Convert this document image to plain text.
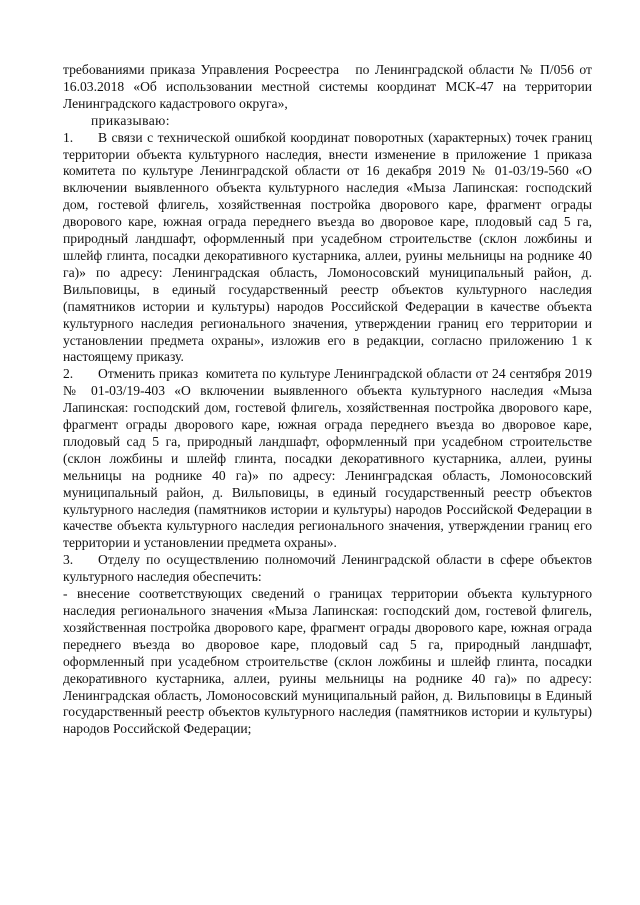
требованиями приказа Управления Росреестра   по Ленинградской области № П/056 от 16.03.2018 «Об использовании местной системы координат МСК-47 на территории Ленинградского кадастрового округа»,

приказываю:

1. В связи с технической ошибкой координат поворотных (характерных) точек границ территории объекта культурного наследия, внести изменение в приложение 1 приказа комитета по культуре Ленинградской области от 16 декабря 2019 № 01-03/19-560 «О включении выявленного объекта культурного наследия «Мыза Лапинская: господский дом, гостевой флигель, хозяйственная постройка дворового каре, фрагмент ограды дворового каре, южная ограда переднего въезда во дворовое каре, плодовый сад 5 га, природный ландшафт, оформленный при усадебном строительстве (склон ложбины и шлейф глинта, посадки декоративного кустарника, аллеи, руины мельницы на роднике 40 га)» по адресу: Ленинградская область, Ломоносовский муниципальный район, д. Вильповицы, в единый государственный реестр объектов культурного наследия (памятников истории и культуры) народов Российской Федерации в качестве объекта культурного наследия регионального значения, утверждении границ его территории и установлении предмета охраны», изложив его в редакции, согласно приложению 1 к настоящему приказу.

2. Отменить приказ  комитета по культуре Ленинградской области от 24 сентября 2019 № 01-03/19-403 «О включении выявленного объекта культурного наследия «Мыза Лапинская: господский дом, гостевой флигель, хозяйственная постройка дворового каре, фрагмент ограды дворового каре, южная ограда переднего въезда во дворовое каре, плодовый сад 5 га, природный ландшафт, оформленный при усадебном строительстве (склон ложбины и шлейф глинта, посадки декоративного кустарника, аллеи, руины мельницы на роднике 40 га)» по адресу: Ленинградская область, Ломоносовский муниципальный район, д. Вильповицы, в единый государственный реестр объектов культурного наследия (памятников истории и культуры) народов Российской Федерации в качестве объекта культурного наследия регионального значения, утверждении границ его территории и установлении предмета охраны».

3. Отделу по осуществлению полномочий Ленинградской области в сфере объектов культурного наследия обеспечить:

- внесение соответствующих сведений о границах территории объекта культурного наследия регионального значения «Мыза Лапинская: господский дом, гостевой флигель, хозяйственная постройка дворового каре, фрагмент ограды дворового каре, южная ограда переднего въезда во дворовое каре, плодовый сад 5 га, природный ландшафт, оформленный при усадебном строительстве (склон ложбины и шлейф глинта, посадки декоративного кустарника, аллеи, руины мельницы на роднике 40 га)» по адресу: Ленинградская область, Ломоносовский муниципальный район, д. Вильповицы в Единый государственный реестр объектов культурного наследия (памятников истории и культуры) народов Российской Федерации;
